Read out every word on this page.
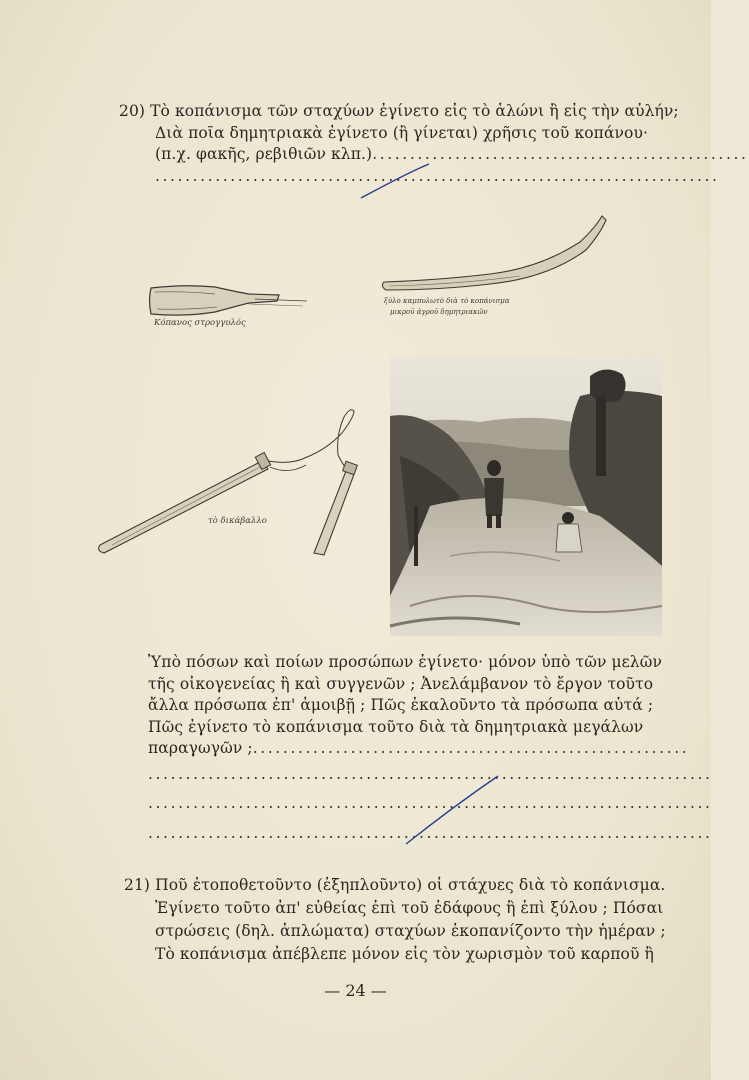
20) Τὸ κοπάνισμα τῶν σταχύων ἐγίνετο εἰς τὸ ἁλώνι ἢ εἰς τὴν αὐλήν;
Διὰ ποῖα δημητριακὰ ἐγίνετο (ἢ γίνεται) χρῆσις τοῦ κοπάνου·
(π.χ. φακῆς, ρεβιθιῶν κλπ.)..................................................
...........................................................................
Κόπανος στρογγυλός
ξύλο καμπυλωτὸ διὰ τὸ κοπάνισμα
μικροῦ ἀγροῦ δημητριακῶν
τὸ δικάβαλλο
Ὑπὸ πόσων καὶ ποίων προσώπων ἐγίνετο· μόνον ὑπὸ τῶν μελῶν
τῆς οἰκογενείας ἢ καὶ συγγενῶν ; Ἀνελάμβανον τὸ ἔργον τοῦτο
ἄλλα πρόσωπα ἐπ' ἀμοιβῇ ; Πῶς ἐκαλοῦντο τὰ πρόσωπα αὐτά ;
Πῶς ἐγίνετο τὸ κοπάνισμα τοῦτο διὰ τὰ δημητριακὰ μεγάλων
παραγωγῶν ;..........................................................
...........................................................................
...........................................................................
...........................................................................
21) Ποῦ ἐτοποθετοῦντο (ἐξηπλοῦντο) οἱ στάχυες διὰ τὸ κοπάνισμα.
Ἐγίνετο τοῦτο ἀπ' εὐθείας ἐπὶ τοῦ ἐδάφους ἢ ἐπὶ ξύλου ; Πόσαι
στρώσεις (δηλ. ἁπλώματα) σταχύων ἐκοπανίζοντο τὴν ἡμέραν ;
Τὸ κοπάνισμα ἀπέβλεπε μόνον εἰς τὸν χωρισμὸν τοῦ καρποῦ ἢ
— 24 —
